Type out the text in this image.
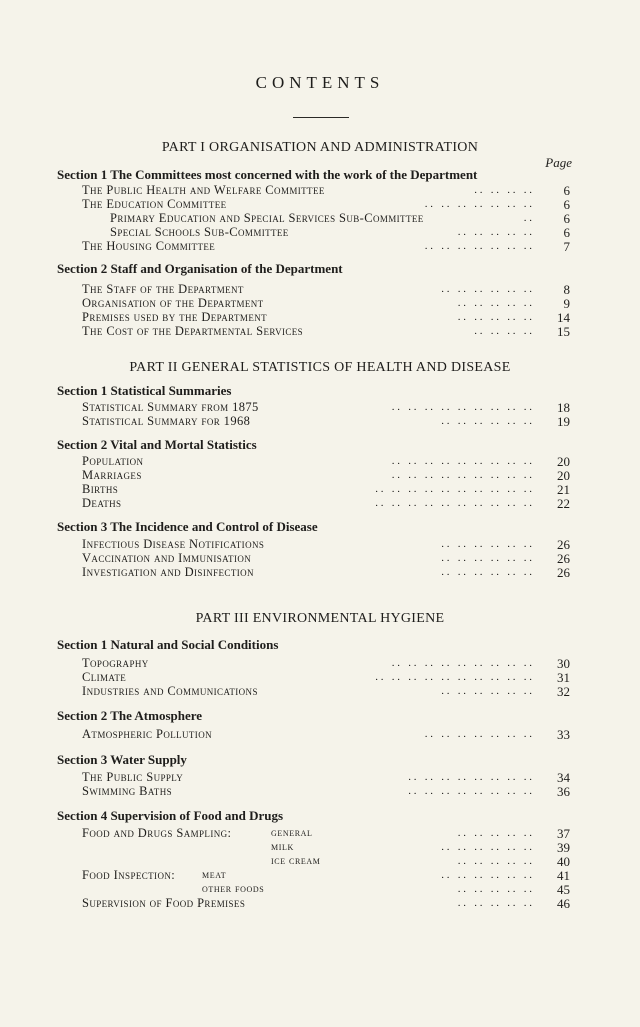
CONTENTS
PART I ORGANISATION AND ADMINISTRATION
Page
Section 1 The Committees most concerned with the work of the Department
The Public Health and Welfare Committee	. .   . .   . .   . . 6
The Education Committee	. .   . .   . .   . .   . .   . .   . . 6
Primary Education and Special Services Sub-Committee	. . 6
Special Schools Sub-Committee	. .   . .   . .   . .   . . 6
The Housing Committee	. .   . .   . .   . .   . .   . .   . . 7
Section 2 Staff and Organisation of the Department
The Staff of the Department	. .   . .   . .   . .   . .   . . 8
Organisation of the Department	. .   . .   . .   . .   . . 9
Premises used by the Department	. .   . .   . .   . .   . . 14
The Cost of the Departmental Services	. .   . .   . .   . . 15
PART II GENERAL STATISTICS OF HEALTH AND DISEASE
Section 1 Statistical Summaries
Statistical Summary from 1875	. .   . .   . .   . .   . .   . .   . .   . .   . . 18
Statistical Summary for 1968	. .   . .   . .   . .   . .   . . 19
Section 2 Vital and Mortal Statistics
Population	. .   . .   . .   . .   . .   . .   . .   . .   . . 20
Marriages	. .   . .   . .   . .   . .   . .   . .   . .   . . 20
Births	. .   . .   . .   . .   . .   . .   . .   . .   . .   . . 21
Deaths	. .   . .   . .   . .   . .   . .   . .   . .   . .   . . 22
Section 3 The Incidence and Control of Disease
Infectious Disease Notifications	. .   . .   . .   . .   . .   . . 26
Vaccination and Immunisation	. .   . .   . .   . .   . .   . . 26
Investigation and Disinfection	. .   . .   . .   . .   . .   . . 26
PART III ENVIRONMENTAL HYGIENE
Section 1 Natural and Social Conditions
Topography	. .   . .   . .   . .   . .   . .   . .   . .   . . 30
Climate	. .   . .   . .   . .   . .   . .   . .   . .   . .   . . 31
Industries and Communications	. .   . .   . .   . .   . .   . . 32
Section 2 The Atmosphere
Atmospheric Pollution	. .   . .   . .   . .   . .   . .   . . 33
Section 3 Water Supply
The Public Supply	. .   . .   . .   . .   . .   . .   . .   . . 34
Swimming Baths	. .   . .   . .   . .   . .   . .   . .   . . 36
Section 4 Supervision of Food and Drugs
Food and Drugs Sampling:	general	. .   . .   . .   . .   . . 37
milk	. .   . .   . .   . .   . .   . . 39
ice cream	. .   . .   . .   . .   . . 40
Food Inspection: meat	. .   . .   . .   . .   . .   . . 41
other foods	. .   . .   . .   . .   . . 45
Supervision of Food Premises	. .   . .   . .   . .   . . 46
